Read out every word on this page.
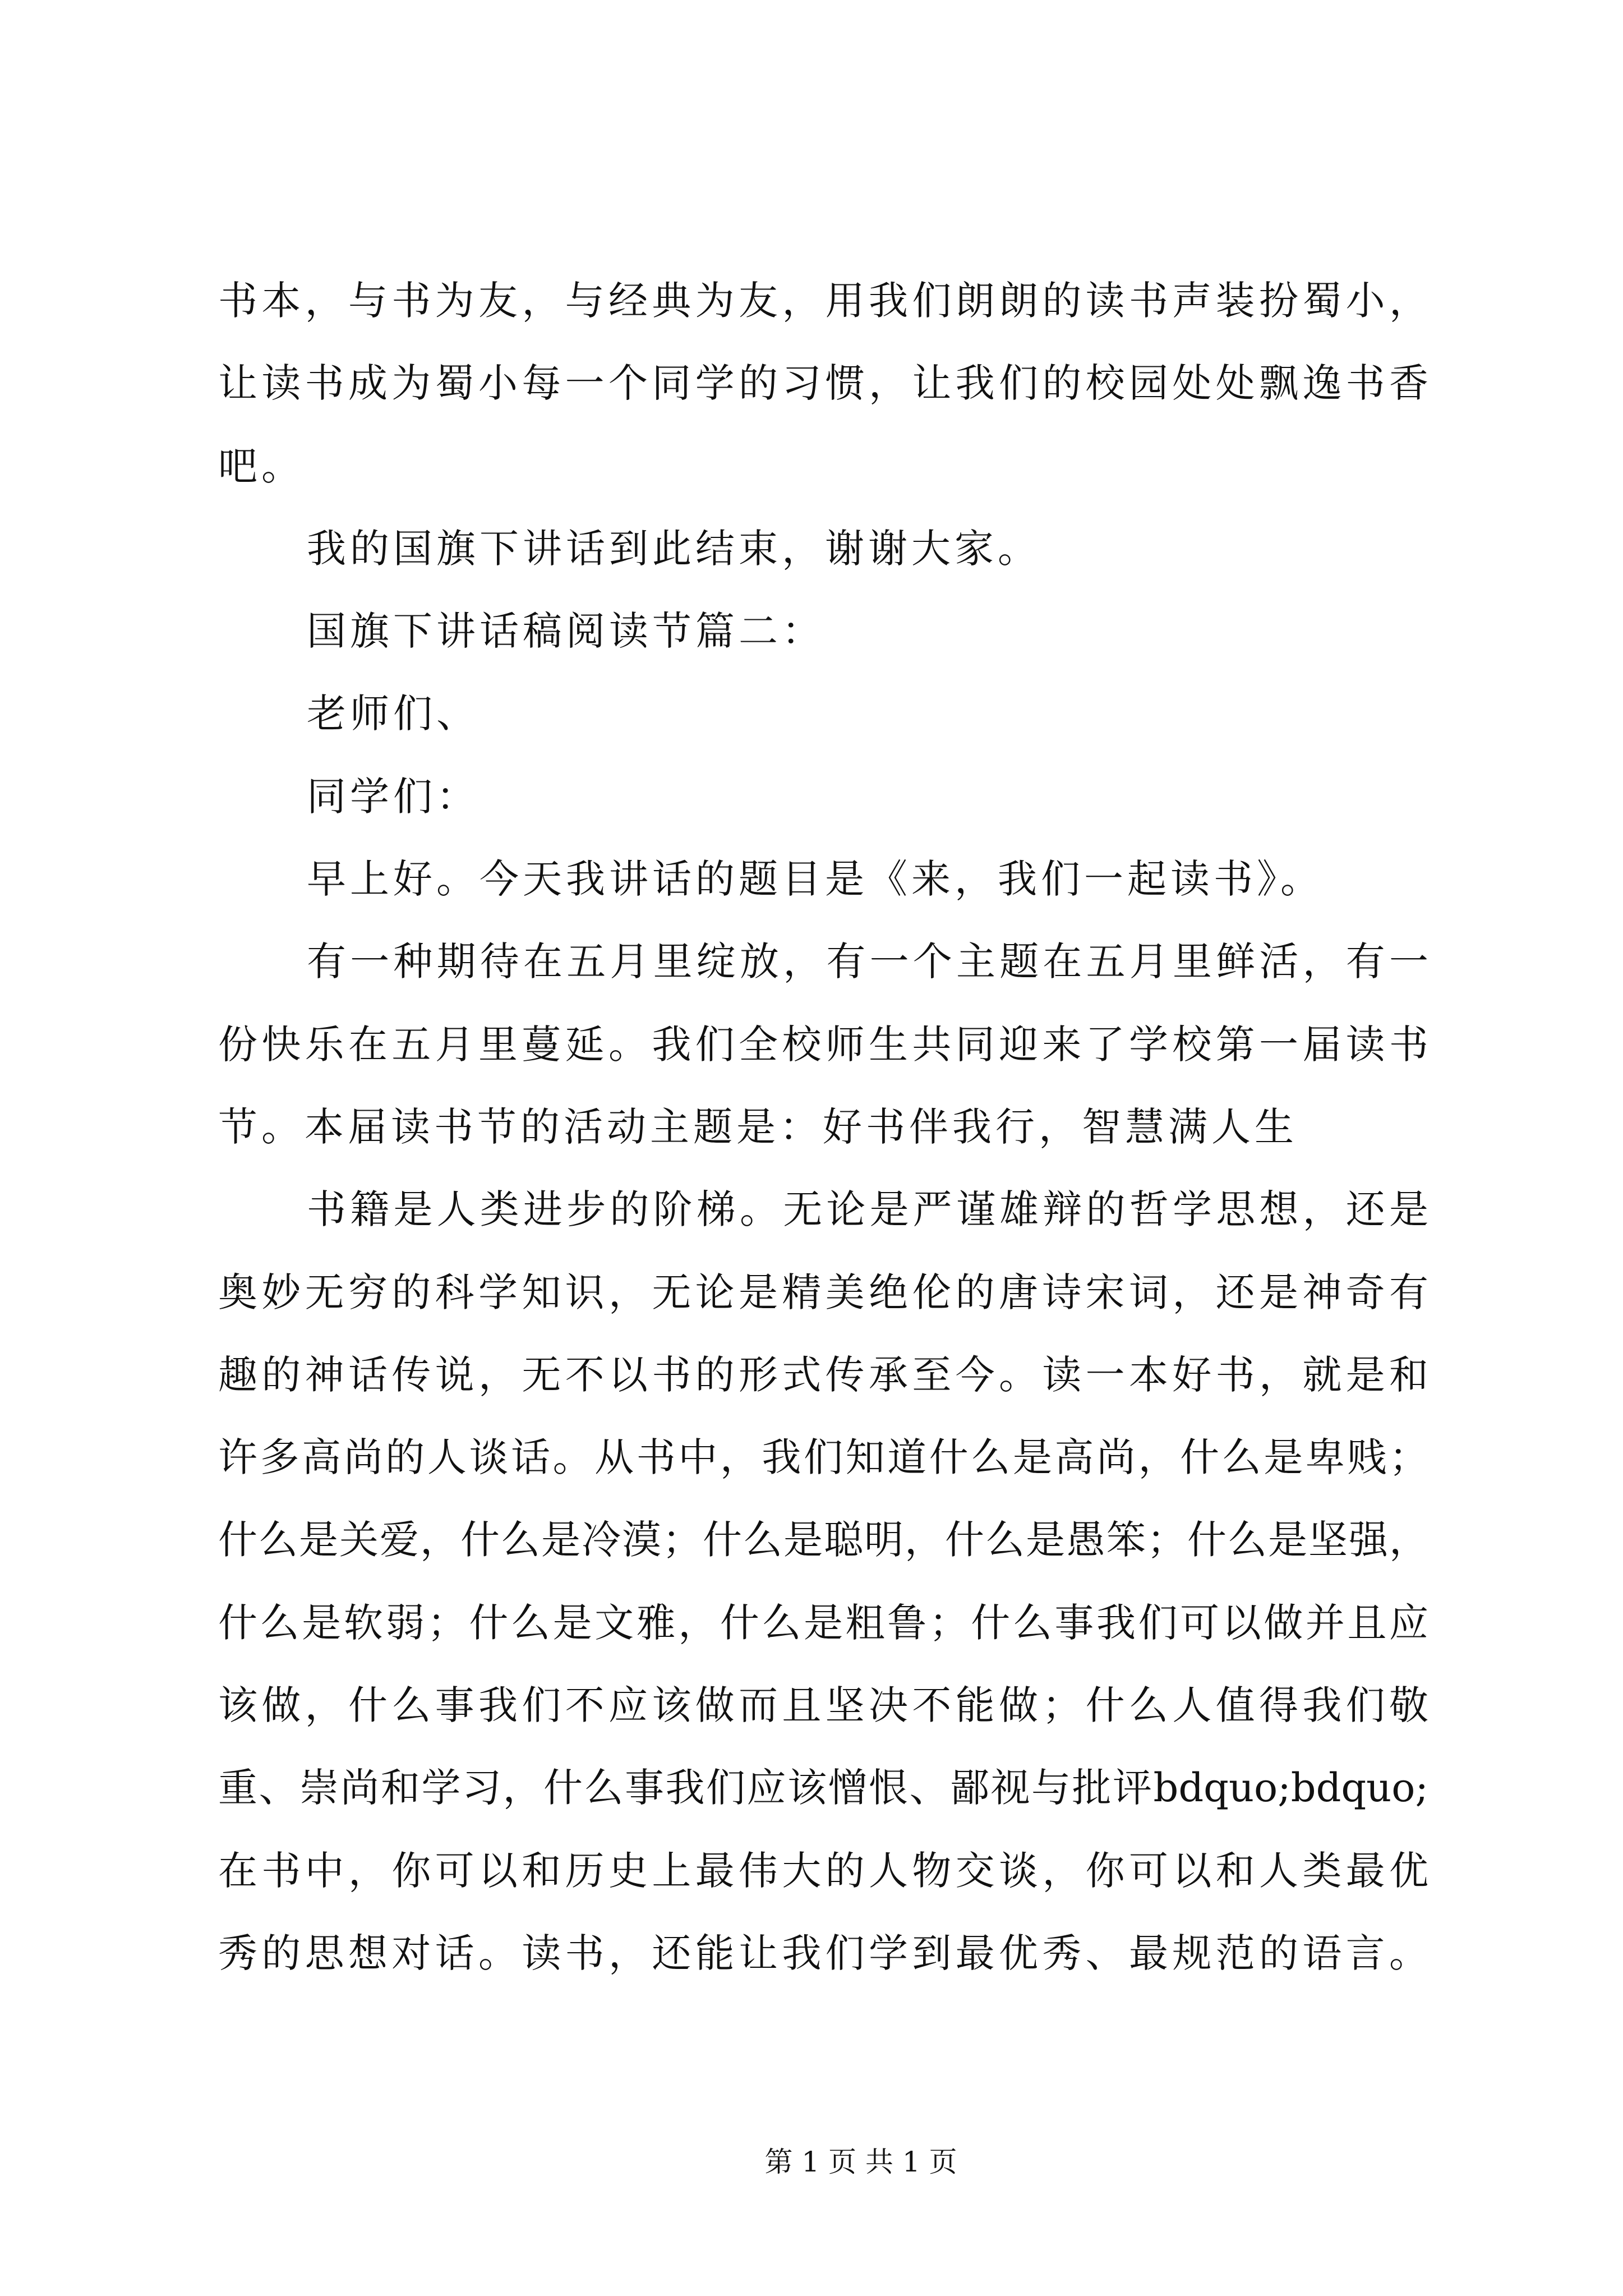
书本，与书为友，与经典为友，用我们朗朗的读书声装扮蜀小，
让读书成为蜀小每一个同学的习惯，让我们的校园处处飘逸书香
吧。
我的国旗下讲话到此结束，谢谢大家。
国旗下讲话稿阅读节篇二：
老师们、
同学们：
早上好。今天我讲话的题目是《来，我们一起读书》。
有一种期待在五月里绽放，有一个主题在五月里鲜活，有一
份快乐在五月里蔓延。我们全校师生共同迎来了学校第一届读书
节。本届读书节的活动主题是：好书伴我行，智慧满人生
书籍是人类进步的阶梯。无论是严谨雄辩的哲学思想，还是
奥妙无穷的科学知识，无论是精美绝伦的唐诗宋词，还是神奇有
趣的神话传说，无不以书的形式传承至今。读一本好书，就是和
许多高尚的人谈话。从书中，我们知道什么是高尚，什么是卑贱；
什么是关爱，什么是冷漠；什么是聪明，什么是愚笨；什么是坚强，
什么是软弱；什么是文雅，什么是粗鲁；什么事我们可以做并且应
该做，什么事我们不应该做而且坚决不能做；什么人值得我们敬
重、崇尚和学习，什么事我们应该憎恨、鄙视与批评bdquo;bdquo;
在书中，你可以和历史上最伟大的人物交谈，你可以和人类最优
秀的思想对话。读书，还能让我们学到最优秀、最规范的语言。
第 1 页 共 1 页
